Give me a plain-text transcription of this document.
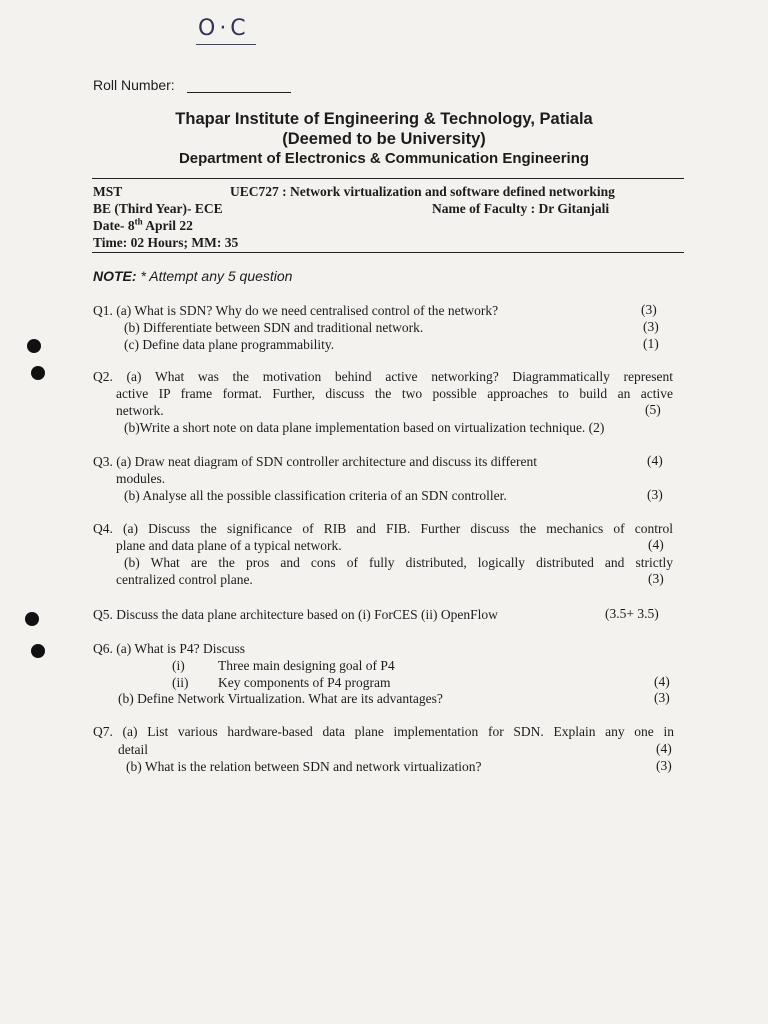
O·C
Roll Number:
Thapar Institute of Engineering & Technology, Patiala
(Deemed to be University)
Department of Electronics & Communication Engineering
MST	UEC727 : Network virtualization and software defined networking
BE (Third Year)- ECE	Name of Faculty : Dr Gitanjali
Date- 8th April 22
Time: 02 Hours; MM: 35
NOTE: * Attempt any 5 question
Q1. (a) What is SDN? Why do we need centralised control of the network?	(3)
(b) Differentiate between SDN and traditional network.	(3)
(c) Define data plane programmability.	(1)
Q2. (a) What was the motivation behind active networking? Diagrammatically represent
active IP frame format. Further, discuss the two possible approaches to build an active
network.	(5)
(b)Write a short note on data plane implementation based on virtualization technique. (2)
Q3. (a) Draw neat diagram of SDN controller architecture and discuss its different	(4)
modules.
(b) Analyse all the possible classification criteria of an SDN controller.	(3)
Q4. (a) Discuss the significance of RIB and FIB. Further discuss the mechanics of control
plane and data plane of a typical network.	(4)
(b) What are the pros and cons of fully distributed, logically distributed and strictly
centralized control plane.	(3)
Q5. Discuss the data plane architecture based on (i) ForCES (ii) OpenFlow	(3.5+ 3.5)
Q6. (a) What is P4? Discuss
(i) Three main designing goal of P4
(ii) Key components of P4 program	(4)
(b) Define Network Virtualization. What are its advantages?	(3)
Q7. (a) List various hardware-based data plane implementation for SDN. Explain any one in
detail	(4)
(b) What is the relation between SDN and network virtualization?	(3)
